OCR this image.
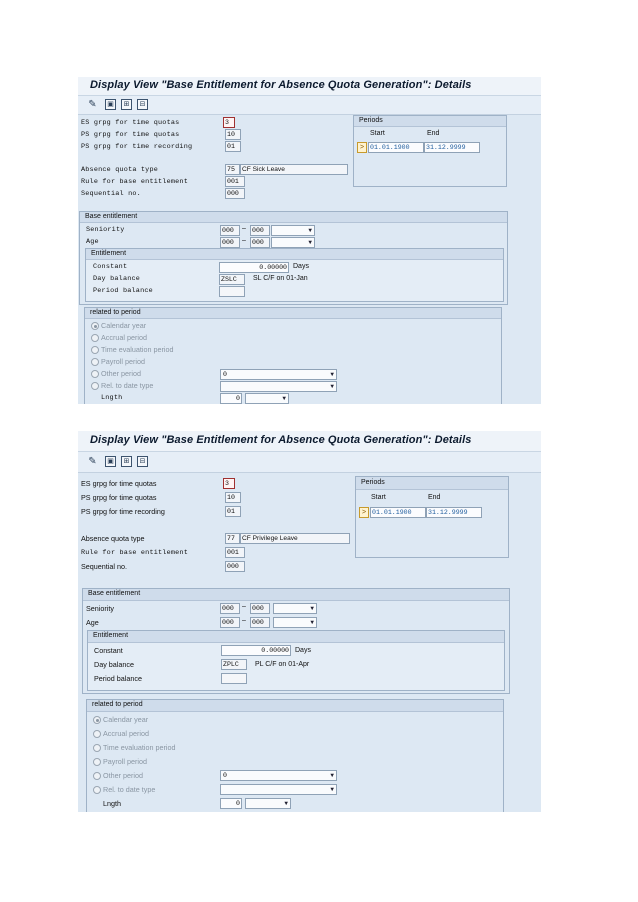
Display View "Base Entitlement for Absence Quota Generation": Details
✎	▣	⊞	⊟
ES grpg for time quotas	3
PS grpg for time quotas	10
PS grpg for time recording	01
Absence quota type	75	CF Sick Leave
Rule for base entitlement	001
Sequential no.	000
Periods
Start	End
> 01.01.1900	31.12.9999
Base entitlement
Seniority	000	– 000	▼
Age	000	– 000	▼
Entitlement
Constant	0.00000 Days
Day balance	ZSLC	SL C/F on 01-Jan
Period balance
related to period
Calendar year
Accrual period
Time evaluation period
Payroll period
Other period	0	▼
Rel. to date type	▼
Lngth	0	▼
Display View "Base Entitlement for Absence Quota Generation": Details
✎	▣	⊞	⊟
ES grpg for time quotas	3
PS grpg for time quotas	10
PS grpg for time recording	01
Absence quota type	77	CF Privilege Leave
Rule for base entitlement	001
Sequential no.	000
Periods
Start	End
> 01.01.1900	31.12.9999
Base entitlement
Seniority	000	– 000	▼
Age	000	– 000	▼
Entitlement
Constant	0.00000 Days
Day balance	ZPLC	PL C/F on 01-Apr
Period balance
related to period
Calendar year
Accrual period
Time evaluation period
Payroll period
Other period	0	▼
Rel. to date type	▼
Lngth	0	▼
